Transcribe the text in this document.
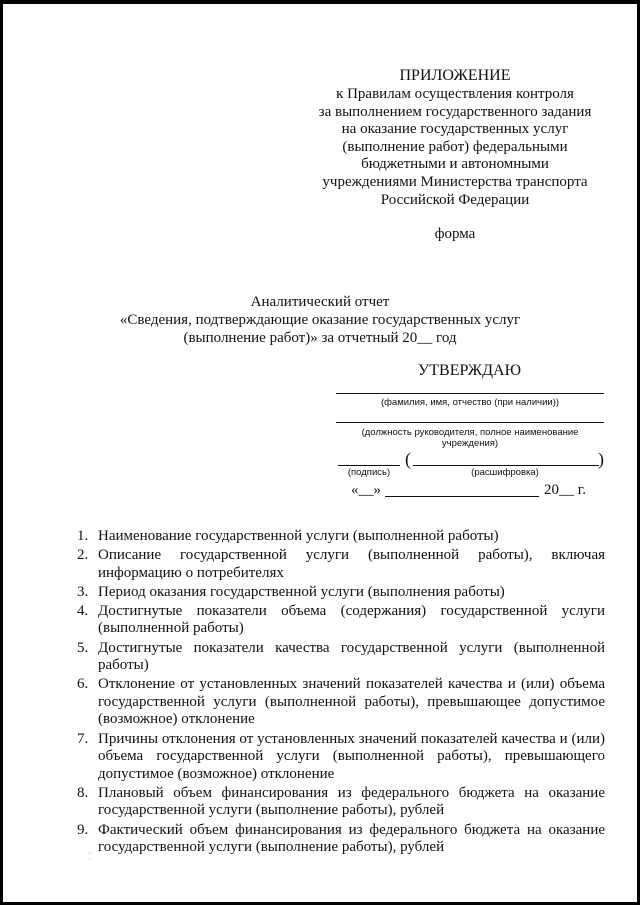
ПРИЛОЖЕНИЕ
к Правилам осуществления контроля
за выполнением государственного задания
на оказание государственных услуг
(выполнение работ) федеральными
бюджетными и автономными
учреждениями Министерства транспорта
Российской Федерации
форма
Аналитический отчет
«Сведения, подтверждающие оказание государственных услуг
(выполнение работ)» за отчетный 20__ год
УТВЕРЖДАЮ
(фамилия, имя, отчество (при наличии))
(должность руководителя, полное наименование
учреждения)
(	)
(подпись)	(расшифровка)
«__»	20__ г.
1. Наименование государственной услуги (выполненной работы)
2. Описание государственной услуги (выполненной работы), включая информацию о потребителях
3. Период оказания государственной услуги (выполнения работы)
4. Достигнутые показатели объема (содержания) государственной услуги (выполненной работы)
5. Достигнутые показатели качества государственной услуги (выполненной работы)
6. Отклонение от установленных значений показателей качества и (или) объема государственной услуги (выполненной работы), превышающее допустимое (возможное) отклонение
7. Причины отклонения от установленных значений показателей качества и (или) объема государственной услуги (выполненной работы), превышающего допустимое (возможное) отклонение
8. Плановый объем финансирования из федерального бюджета на оказание государственной услуги (выполнение работы), рублей
9. Фактический объем финансирования из федерального бюджета на оказание государственной услуги (выполнение работы), рублей
⁚
